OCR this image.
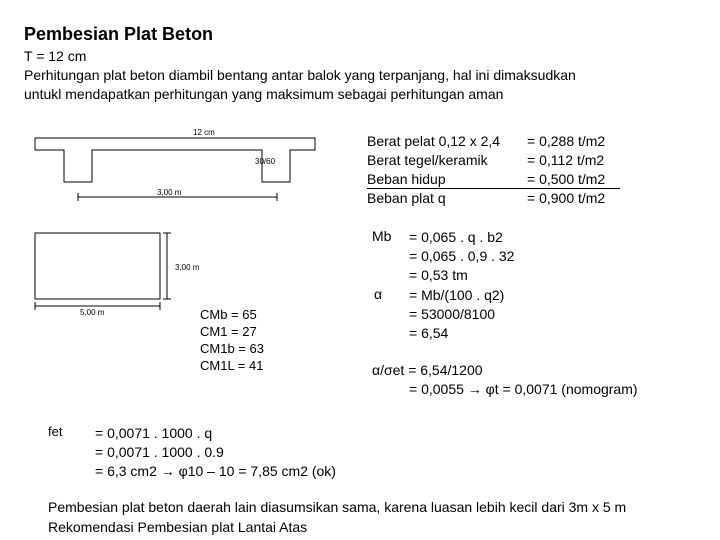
Pembesian Plat Beton
T = 12 cm
Perhitungan plat beton diambil bentang antar balok yang terpanjang, hal ini dimaksudkan
untukl mendapatkan perhitungan yang maksimum sebagai perhitungan aman
12 cm
30/60
3,00 m
3,00 m
5,00 m	CMb = 65
CM1 = 27
CM1b = 63
CM1L = 41
Berat pelat 0,12 x 2,4 = 0,288 t/m2
Berat tegel/keramik	= 0,112 t/m2
Beban hidup	= 0,500 t/m2
Beban plat q	= 0,900 t/m2
Mb = 0,065 . q . b2
= 0,065 . 0,9 . 32
= 0,53 tm
α = Mb/(100 . q2)
= 53000/8100
= 6,54
α/σet = 6,54/1200
= 0,0055 → φt = 0,0071 (nomogram)
fet = 0,0071 . 1000 . q
= 0,0071 . 1000 . 0.9
= 6,3 cm2 → φ10 – 10 = 7,85 cm2 (ok)
Pembesian plat beton daerah lain diasumsikan sama, karena luasan lebih kecil dari 3m x 5 m
Rekomendasi Pembesian plat Lantai Atas
